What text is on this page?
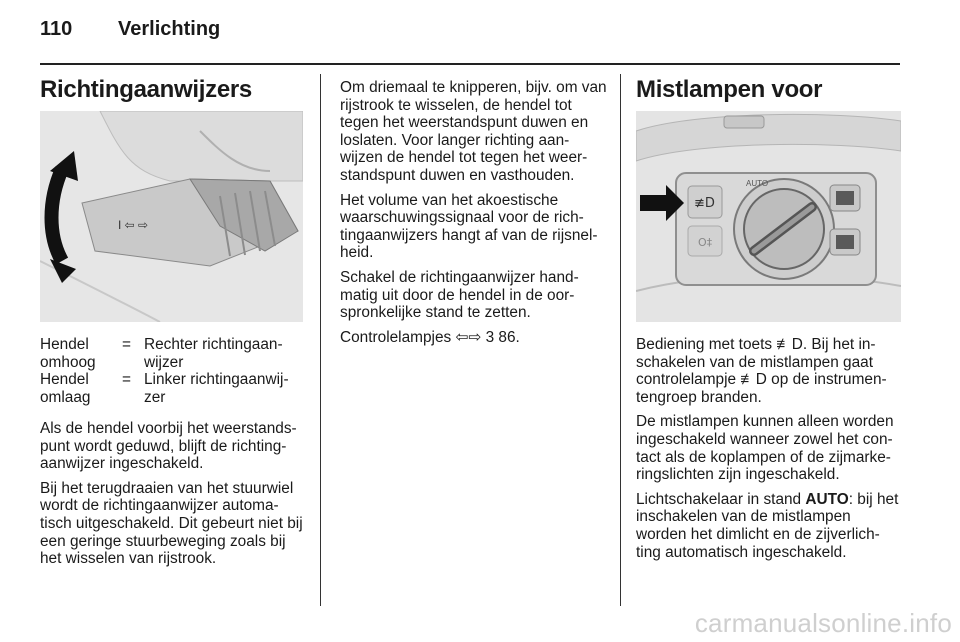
110 Verlichting
Richtingaanwijzers
I ⇦ ⇨
Hendel omhoog
= Rechter richtingaan-wijzer
Hendel omlaag
= Linker richtingaanwij-zer

Als de hendel voorbij het weerstands-punt wordt geduwd, blijft de richting-aanwijzer ingeschakeld.

Bij het terugdraaien van het stuurwiel wordt de richtingaanwijzer automa-tisch uitgeschakeld. Dit gebeurt niet bij een geringe stuurbeweging zoals bij het wisselen van rijstrook.

Om driemaal te knipperen, bijv. om van rijstrook te wisselen, de hendel tot tegen het weerstandspunt duwen en loslaten. Voor langer richting aan-wijzen de hendel tot tegen het weer-standspunt duwen en vasthouden.

Het volume van het akoestische waarschuwingssignaal voor de rich-tingaanwijzers hangt af van de rijsnel-heid.

Schakel de richtingaanwijzer hand-matig uit door de hendel in de oor-spronkelijke stand te zetten.

Controlelampjes ⇦⇨ 3 86.

Mistlampen voor
≢D
O‡
AUTO

Bediening met toets ≢D. Bij het in-schakelen van de mistlampen gaat controlelampje ≢D op de instrumen-tengroep branden.

De mistlampen kunnen alleen worden ingeschakeld wanneer zowel het con-tact als de koplampen of de zijmarke-ringslichten zijn ingeschakeld.

Lichtschakelaar in stand AUTO: bij het inschakelen van de mistlampen worden het dimlicht en de zijverlich-ting automatisch ingeschakeld.

carmanualsonline.info
